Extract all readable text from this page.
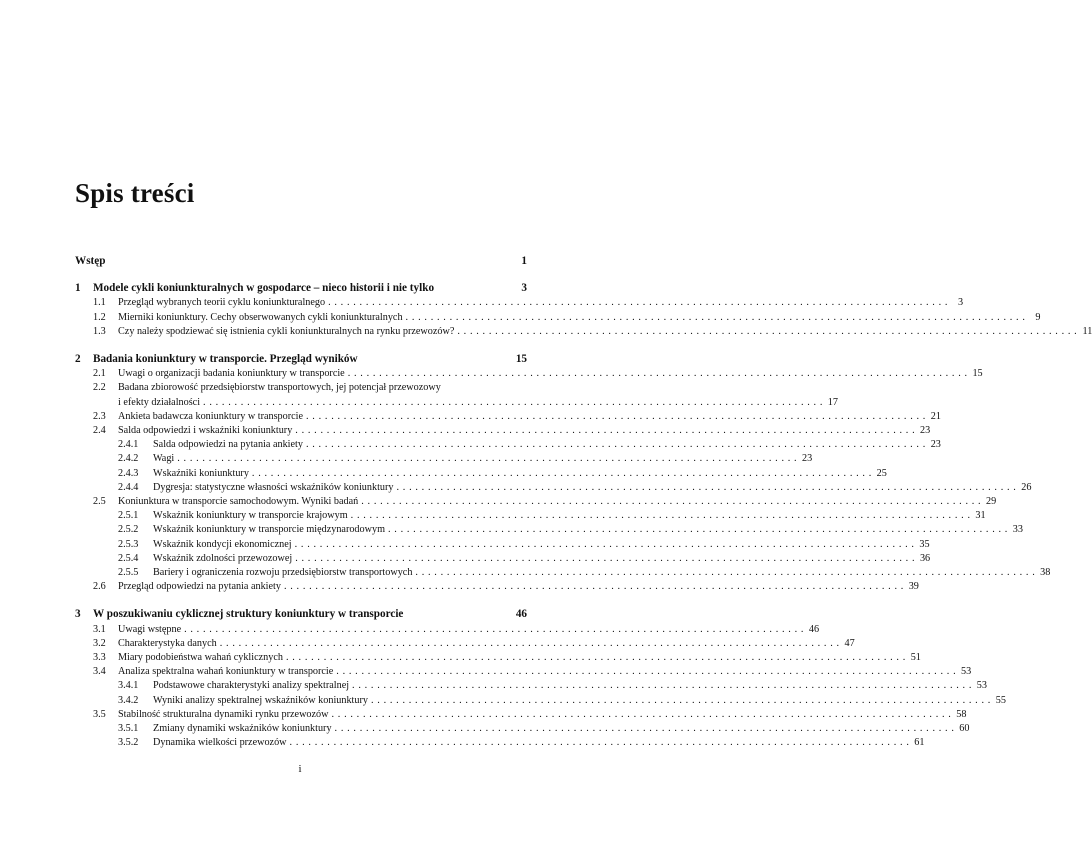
Spis treści
Wstęp	1
1	Modele cykli koniunkturalnych w gospodarce – nieco historii i nie tylko	3
1.1	Przegląd wybranych teorii cyklu koniunkturalnego . . .	3
1.2	Mierniki koniunktury. Cechy obserwowanych cykli koniunkturalnych . . .	9
1.3	Czy należy spodziewać się istnienia cykli koniunkturalnych na rynku przewozów? . . .	11
2	Badania koniunktury w transporcie. Przegląd wyników	15
2.1	Uwagi o organizacji badania koniunktury w transporcie . . .	15
2.2	Badana zbiorowość przedsiębiorstw transportowych, jej potencjał przewozowy
i efekty działalności . . .	17
2.3	Ankieta badawcza koniunktury w transporcie . . .	21
2.4	Salda odpowiedzi i wskaźniki koniunktury . . .	23
2.4.1	Salda odpowiedzi na pytania ankiety . . .	23
2.4.2	Wagi . . .	23
2.4.3	Wskaźniki koniunktury . . .	25
2.4.4	Dygresja: statystyczne własności wskaźników koniunktury . . .	26
2.5	Koniunktura w transporcie samochodowym. Wyniki badań . . .	29
2.5.1	Wskaźnik koniunktury w transporcie krajowym . . .	31
2.5.2	Wskaźnik koniunktury w transporcie międzynarodowym . . .	33
2.5.3	Wskaźnik kondycji ekonomicznej . . .	35
2.5.4	Wskaźnik zdolności przewozowej . . .	36
2.5.5	Bariery i ograniczenia rozwoju przedsiębiorstw transportowych . . .	38
2.6	Przegląd odpowiedzi na pytania ankiety . . .	39
3	W poszukiwaniu cyklicznej struktury koniunktury w transporcie	46
3.1	Uwagi wstępne . . .	46
3.2	Charakterystyka danych . . .	47
3.3	Miary podobieństwa wahań cyklicznych . . .	51
3.4	Analiza spektralna wahań koniunktury w transporcie . . .	53
3.4.1	Podstawowe charakterystyki analizy spektralnej . . .	53
3.4.2	Wyniki analizy spektralnej wskaźników koniunktury . . .	55
3.5	Stabilność strukturalna dynamiki rynku przewozów . . .	58
3.5.1	Zmiany dynamiki wskaźników koniunktury . . .	60
3.5.2	Dynamika wielkości przewozów . . .	61
i
